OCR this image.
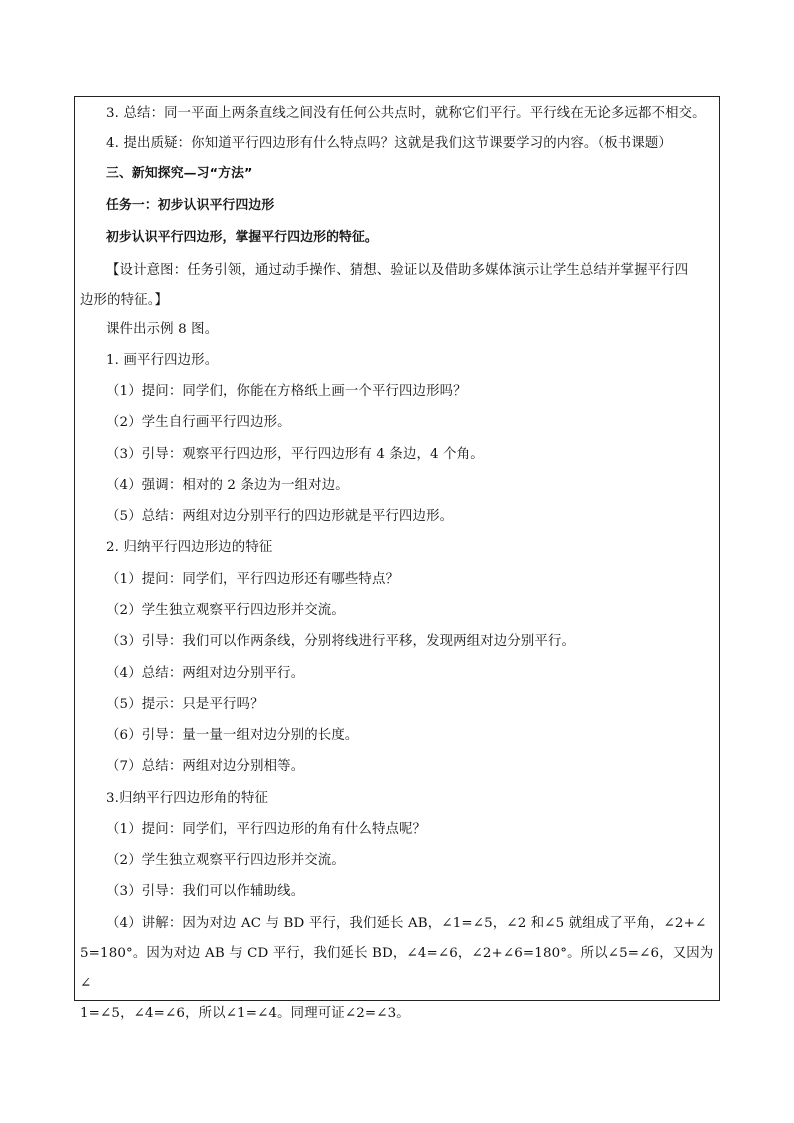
3. 总结：同一平面上两条直线之间没有任何公共点时，就称它们平行。平行线在无论多远都不相交。
4. 提出质疑：你知道平行四边形有什么特点吗？这就是我们这节课要学习的内容。（板书课题）
三、新知探究—习“方法”
任务一：初步认识平行四边形
初步认识平行四边形，掌握平行四边形的特征。
【设计意图：任务引领，通过动手操作、猜想、验证以及借助多媒体演示让学生总结并掌握平行四
边形的特征。】
课件出示例 8 图。
1. 画平行四边形。
（1）提问：同学们，你能在方格纸上画一个平行四边形吗？
（2）学生自行画平行四边形。
（3）引导：观察平行四边形，平行四边形有 4 条边，4 个角。
（4）强调：相对的 2 条边为一组对边。
（5）总结：两组对边分别平行的四边形就是平行四边形。
2. 归纳平行四边形边的特征
（1）提问：同学们，平行四边形还有哪些特点？
（2）学生独立观察平行四边形并交流。
（3）引导：我们可以作两条线，分别将线进行平移，发现两组对边分别平行。
（4）总结：两组对边分别平行。
（5）提示：只是平行吗？
（6）引导：量一量一组对边分别的长度。
（7）总结：两组对边分别相等。
3.归纳平行四边形角的特征
（1）提问：同学们，平行四边形的角有什么特点呢？
（2）学生独立观察平行四边形并交流。
（3）引导：我们可以作辅助线。
（4）讲解：因为对边 AC 与 BD 平行，我们延长 AB，∠1=∠5，∠2 和∠5 就组成了平角，∠2+∠
5=180°。因为对边 AB 与 CD 平行，我们延长 BD，∠4=∠6，∠2+∠6=180°。所以∠5=∠6，又因为∠
1=∠5，∠4=∠6，所以∠1=∠4。同理可证∠2=∠3。
